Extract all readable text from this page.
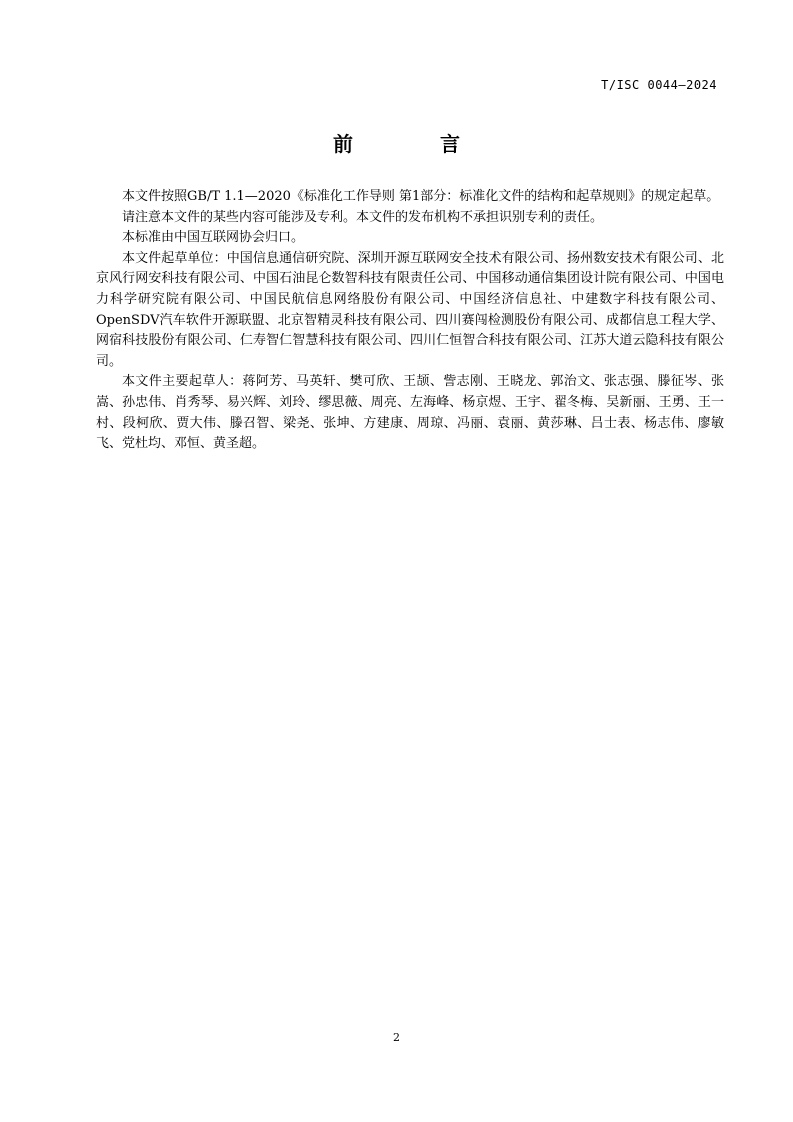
T/ISC 0044—2024
前 言

本文件按照GB/T 1.1—2020《标准化工作导则 第1部分：标准化文件的结构和起草规则》的规定起草。

请注意本文件的某些内容可能涉及专利。本文件的发布机构不承担识别专利的责任。

本标准由中国互联网协会归口。

本文件起草单位：中国信息通信研究院、深圳开源互联网安全技术有限公司、扬州数安技术有限公司、北京风行网安科技有限公司、中国石油昆仑数智科技有限责任公司、中国移动通信集团设计院有限公司、中国电力科学研究院有限公司、中国民航信息网络股份有限公司、中国经济信息社、中建数字科技有限公司、OpenSDV汽车软件开源联盟、北京智精灵科技有限公司、四川赛闯检测股份有限公司、成都信息工程大学、网宿科技股份有限公司、仁寿智仁智慧科技有限公司、四川仁恒智合科技有限公司、江苏大道云隐科技有限公司。

本文件主要起草人：蒋阿芳、马英轩、樊可欣、王颉、訾志刚、王晓龙、郭治文、张志强、滕征岑、张嵩、孙忠伟、肖秀琴、易兴辉、刘玲、缪思薇、周亮、左海峰、杨京煜、王宇、翟冬梅、吴新丽、王勇、王一村、段柯欣、贾大伟、滕召智、梁尧、张坤、方建康、周琼、冯丽、袁丽、黄莎琳、吕士表、杨志伟、廖敏飞、党杜均、邓恒、黄圣超。

2
